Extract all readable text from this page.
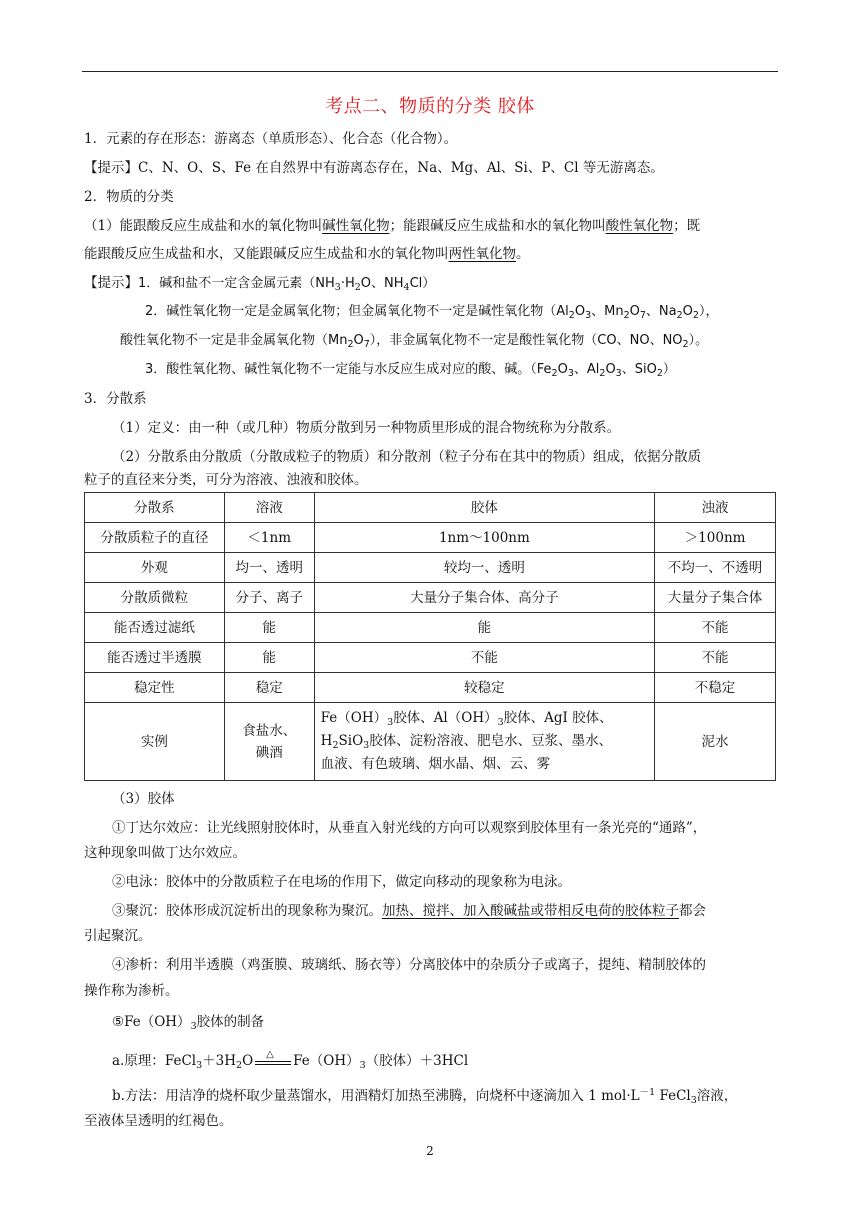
考点二、物质的分类 胶体
1．元素的存在形态：游离态（单质形态）、化合态（化合物）。
【提示】C、N、O、S、Fe 在自然界中有游离态存在，Na、Mg、Al、Si、P、Cl 等无游离态。
2．物质的分类
（1）能跟酸反应生成盐和水的氧化物叫碱性氧化物；能跟碱反应生成盐和水的氧化物叫酸性氧化物；既
能跟酸反应生成盐和水，又能跟碱反应生成盐和水的氧化物叫两性氧化物。
【提示】1．碱和盐不一定含金属元素（$NH_3\cdot H_2O$、$NH_4Cl$）
2．碱性氧化物一定是金属氧化物；但金属氧化物不一定是碱性氧化物（$Al_2O_3$、$Mn_2O_7$、$Na_2O_2$），
酸性氧化物不一定是非金属氧化物$(Mn_2O_7)$，非金属氧化物不一定是酸性氧化物（CO、NO、$NO_2$）。
3．酸性氧化物、碱性氧化物不一定能与水反应生成对应的酸、碱。（$Fe_2O_3$、$Al_2O_3$、SiO$_2$）
3．分散系
（1）定义：由一种（或几种）物质分散到另一种物质里形成的混合物统称为分散系。
（2）分散系由分散质（分散成粒子的物质）和分散剂（粒子分布在其中的物质）组成，依据分散质
粒子的直径来分类，可分为溶液、浊液和胶体。
分散系	溶液	胶体	浊液
分散质粒子的直径	＜1nm	1nm～100nm	＞100nm
外观	均一、透明	较均一、透明	不均一、不透明
分散质微粒	分子、离子	大量分子集合体、高分子	大量分子集合体
能否透过滤纸	能	能	不能
能否透过半透膜	能	不能	不能
稳定性	稳定	较稳定	不稳定
实例	食盐水、碘酒	$Fe(OH)_3$胶体、$Al(OH)_3$胶体、AgI 胶体、
$H_2SiO_3$胶体、淀粉溶液、肥皂水、豆浆、墨水、
血液、有色玻璃、烟水晶、烟、云、雾	泥水
（3）胶体
①丁达尔效应：让光线照射胶体时，从垂直入射光线的方向可以观察到胶体里有一条光亮的“通路”，
这种现象叫做丁达尔效应。
②电泳：胶体中的分散质粒子在电场的作用下，做定向移动的现象称为电泳。
③聚沉：胶体形成沉淀析出的现象称为聚沉。加热、搅拌、加入酸碱盐或带相反电荷的胶体粒子都会
引起聚沉。
④渗析：利用半透膜（鸡蛋膜、玻璃纸、肠衣等）分离胶体中的杂质分子或离子，提纯、精制胶体的
操作称为渗析。
$⑤Fe(OH)_3$胶体的制备
a.原理：$FeCl_3+3H_2O$ △ $Fe(OH)_3$（胶体）＋3HCl
b.方法：用洁净的烧杯取少量蒸馏水，用酒精灯加热至沸腾，向烧杯中逐滴加入 1 $mol\cdot L^{-1}$ FeCl$_3$溶液，
至液体呈透明的红褐色。
2
